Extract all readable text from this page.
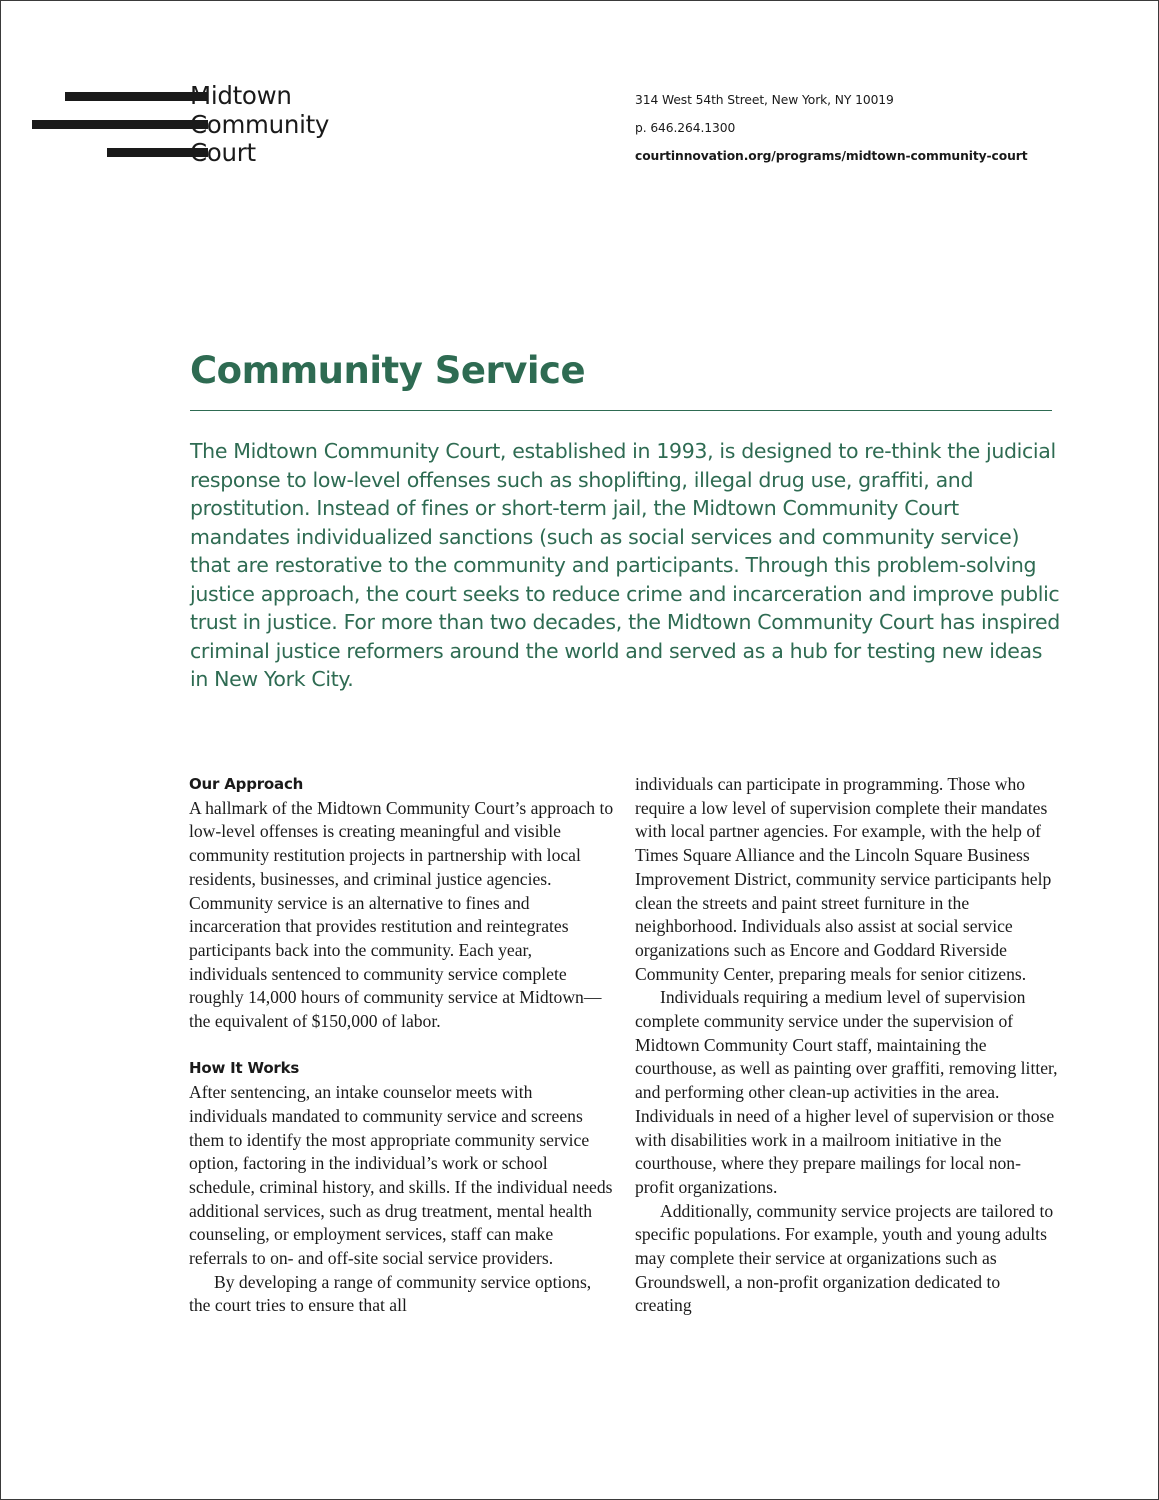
Midtown
Community
Court
314 West 54th Street, New York, NY 10019
p. 646.264.1300
courtinnovation.org/programs/midtown-community-court
Community Service

The Midtown Community Court, established in 1993, is designed to re-think the judicial response to low-level offenses such as shoplifting, illegal drug use, graffiti, and prostitution. Instead of fines or short-term jail, the Midtown Community Court mandates individualized sanctions (such as social services and community service) that are restorative to the community and participants. Through this problem-solving justice approach, the court seeks to reduce crime and incarceration and improve public trust in justice. For more than two decades, the Midtown Community Court has inspired criminal justice reformers around the world and served as a hub for testing new ideas in New York City.

Our Approach

A hallmark of the Midtown Community Court’s approach to low-level offenses is creating meaningful and visible community restitution projects in partnership with local residents, businesses, and criminal justice agencies. Community service is an alternative to fines and incarceration that provides restitution and reintegrates participants back into the community. Each year, individuals sentenced to community service complete roughly 14,000 hours of community service at Midtown—the equivalent of $150,000 of labor.

How It Works

After sentencing, an intake counselor meets with individuals mandated to community service and screens them to identify the most appropriate community service option, factoring in the individual’s work or school schedule, criminal history, and skills. If the individual needs additional services, such as drug treatment, mental health counseling, or employment services, staff can make referrals to on- and off-site social service providers.

By developing a range of community service options, the court tries to ensure that all

individuals can participate in programming. Those who require a low level of supervision complete their mandates with local partner agencies. For example, with the help of Times Square Alliance and the Lincoln Square Business Improvement District, community service participants help clean the streets and paint street furniture in the neighborhood. Individuals also assist at social service organizations such as Encore and Goddard Riverside Community Center, preparing meals for senior citizens.

Individuals requiring a medium level of supervision complete community service under the supervision of Midtown Community Court staff, maintaining the courthouse, as well as painting over graffiti, removing litter, and performing other clean-up activities in the area. Individuals in need of a higher level of supervision or those with disabilities work in a mailroom initiative in the courthouse, where they prepare mailings for local non-profit organizations.

Additionally, community service projects are tailored to specific populations. For example, youth and young adults may complete their service at organizations such as Groundswell, a non-profit organization dedicated to creating
